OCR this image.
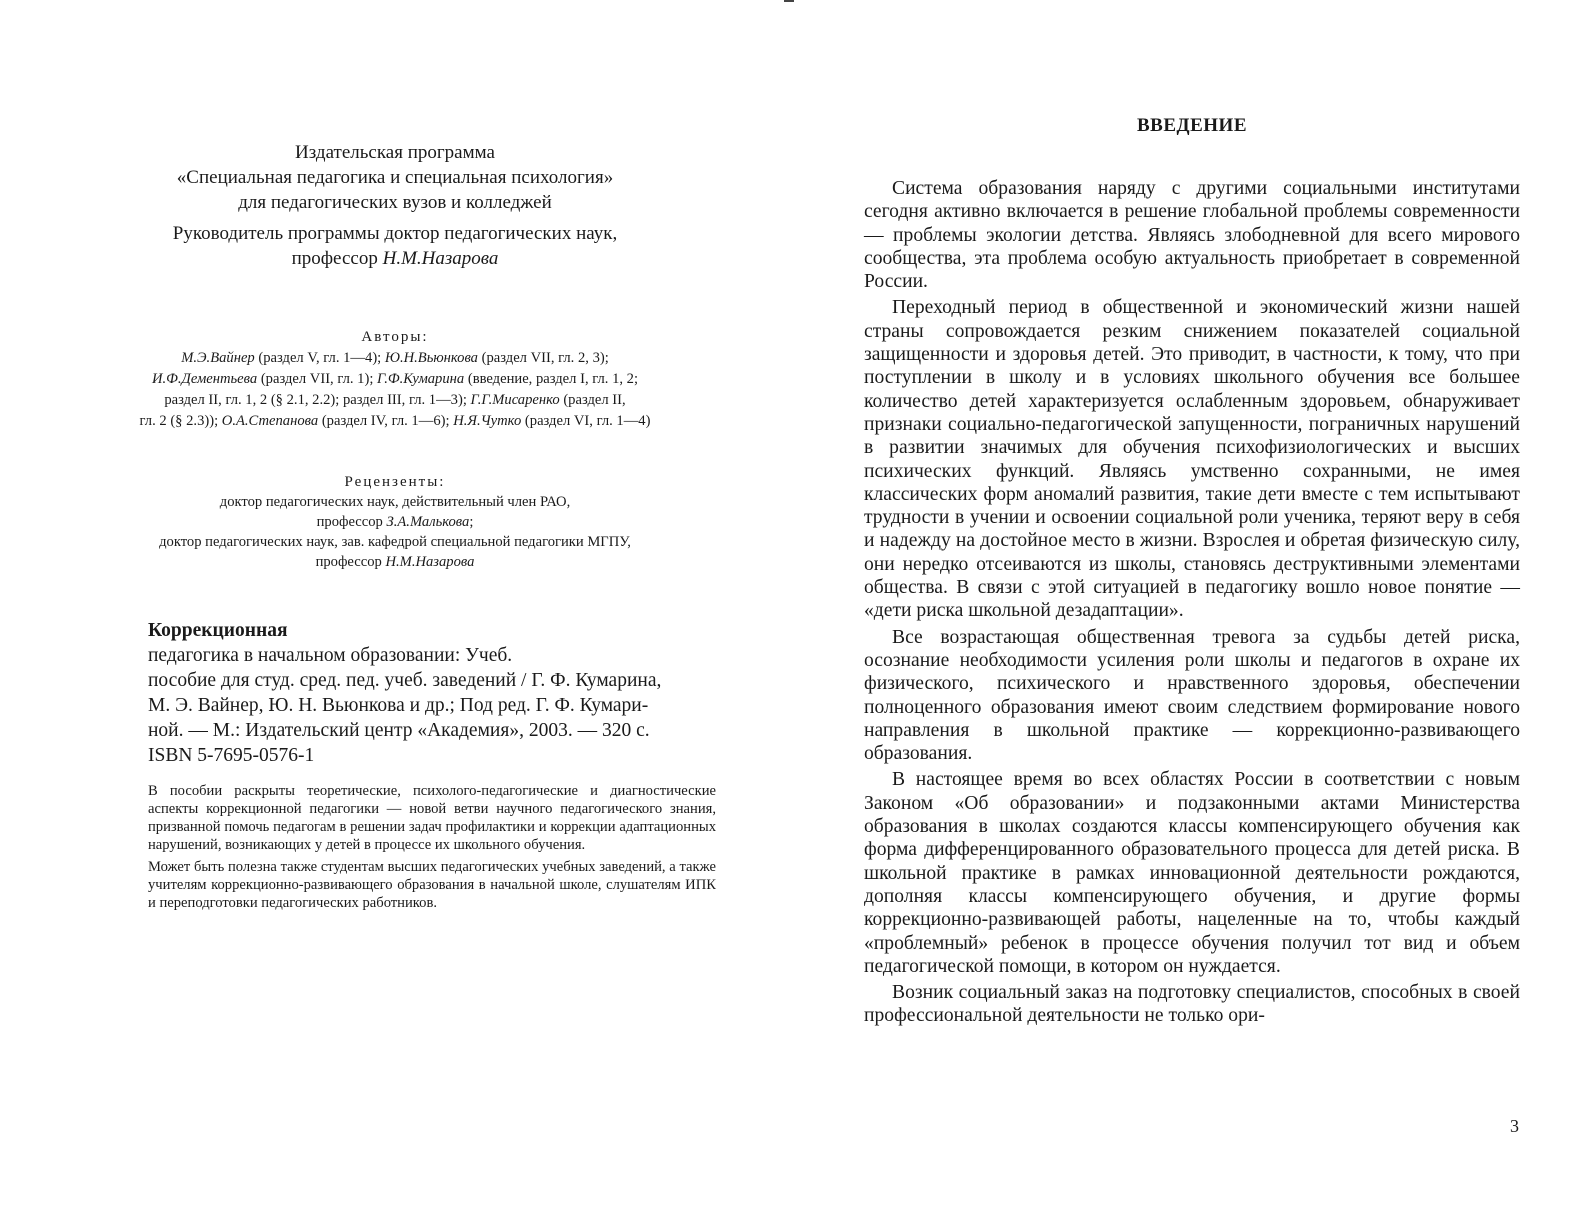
Издательская программа
«Специальная педагогика и специальная психология»
для педагогических вузов и колледжей
Руководитель программы доктор педагогических наук,
профессор Н.М.Назарова
Авторы:
М.Э.Вайнер (раздел V, гл. 1—4); Ю.Н.Вьюнкова (раздел VII, гл. 2, 3);
И.Ф.Дементьева (раздел VII, гл. 1); Г.Ф.Кумарина (введение, раздел I, гл. 1, 2;
раздел II, гл. 1, 2 (§ 2.1, 2.2); раздел III, гл. 1—3); Г.Г.Мисаренко (раздел II,
гл. 2 (§ 2.3)); О.А.Степанова (раздел IV, гл. 1—6); Н.Я.Чутко (раздел VI, гл. 1—4)
Рецензенты:
доктор педагогических наук, действительный член РАО,
профессор З.А.Малькова;
доктор педагогических наук, зав. кафедрой специальной педагогики МГПУ,
профессор Н.М.Назарова
Коррекционная
педагогика в начальном образовании: Учеб.
пособие для студ. сред. пед. учеб. заведений / Г. Ф. Кумарина,
М. Э. Вайнер, Ю. Н. Вьюнкова и др.; Под ред. Г. Ф. Кумари-
ной. — М.: Издательский центр «Академия», 2003. — 320 с.
ISBN 5-7695-0576-1

В пособии раскрыты теоретические, психолого-педагогические и диагностические аспекты коррекционной педагогики — новой ветви научного педагогического знания, призванной помочь педагогам в решении задач профилактики и коррекции адаптационных нарушений, возникающих у детей в процессе их школьного обучения.

Может быть полезна также студентам высших педагогических учебных заведений, а также учителям коррекционно-развивающего образования в начальной школе, слушателям ИПК и переподготовки педагогических работников.

ВВЕДЕНИЕ

Система образования наряду с другими социальными институтами сегодня активно включается в решение глобальной проблемы современности — проблемы экологии детства. Являясь злободневной для всего мирового сообщества, эта проблема особую актуальность приобретает в современной России.

Переходный период в общественной и экономический жизни нашей страны сопровождается резким снижением показателей социальной защищенности и здоровья детей. Это приводит, в частности, к тому, что при поступлении в школу и в условиях школьного обучения все большее количество детей характеризуется ослабленным здоровьем, обнаруживает признаки социально-педагогической запущенности, пограничных нарушений в развитии значимых для обучения психофизиологических и высших психических функций. Являясь умственно сохранными, не имея классических форм аномалий развития, такие дети вместе с тем испытывают трудности в учении и освоении социальной роли ученика, теряют веру в себя и надежду на достойное место в жизни. Взрослея и обретая физическую силу, они нередко отсеиваются из школы, становясь деструктивными элементами общества. В связи с этой ситуацией в педагогику вошло новое понятие — «дети риска школьной дезадаптации».

Все возрастающая общественная тревога за судьбы детей риска, осознание необходимости усиления роли школы и педагогов в охране их физического, психического и нравственного здоровья, обеспечении полноценного образования имеют своим следствием формирование нового направления в школьной практике — коррекционно-развивающего образования.

В настоящее время во всех областях России в соответствии с новым Законом «Об образовании» и подзаконными актами Министерства образования в школах создаются классы компенсирующего обучения как форма дифференцированного образовательного процесса для детей риска. В школьной практике в рамках инновационной деятельности рождаются, дополняя классы компенсирующего обучения, и другие формы коррекционно-развивающей работы, нацеленные на то, чтобы каждый «проблемный» ребенок в процессе обучения получил тот вид и объем педагогической помощи, в котором он нуждается.

Возник социальный заказ на подготовку специалистов, способных в своей профессиональной деятельности не только ори-

3
